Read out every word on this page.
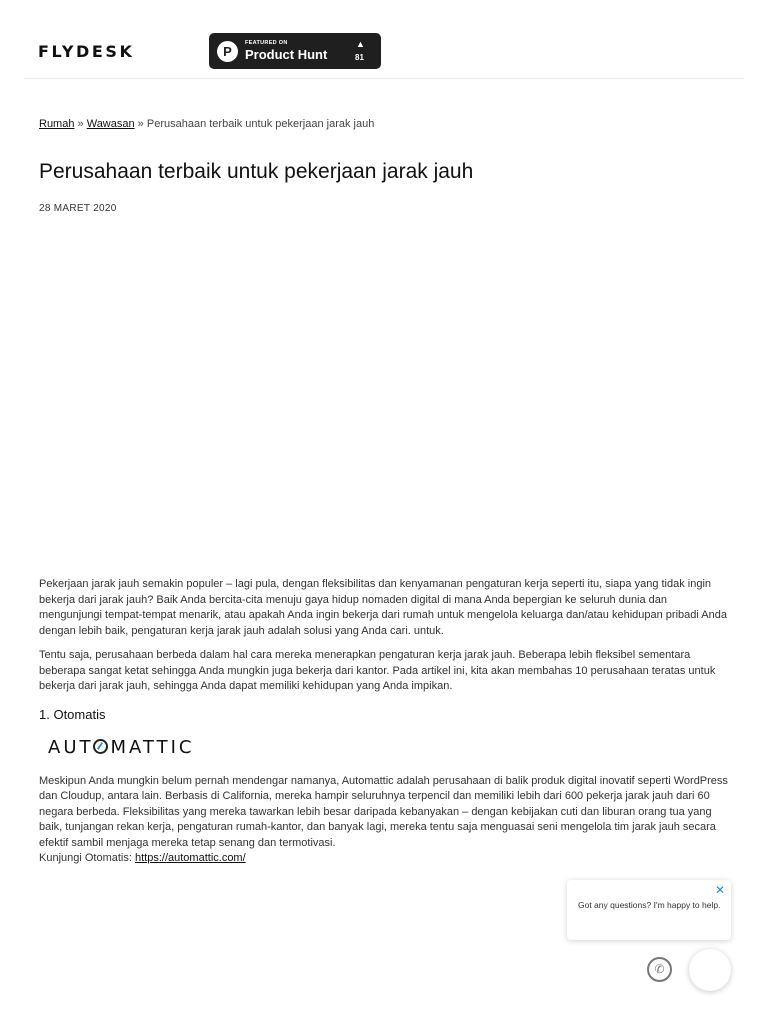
FLYDESK	P
FEATURED ON
Product Hunt
▲
81
Rumah » Wawasan » Perusahaan terbaik untuk pekerjaan jarak jauh
Perusahaan terbaik untuk pekerjaan jarak jauh
28 MARET 2020

Pekerjaan jarak jauh semakin populer – lagi pula, dengan fleksibilitas dan kenyamanan pengaturan kerja seperti itu, siapa yang tidak ingin bekerja dari jarak jauh? Baik Anda bercita-cita menuju gaya hidup nomaden digital di mana Anda bepergian ke seluruh dunia dan mengunjungi tempat-tempat menarik, atau apakah Anda ingin bekerja dari rumah untuk mengelola keluarga dan/atau kehidupan pribadi Anda dengan lebih baik, pengaturan kerja jarak jauh adalah solusi yang Anda cari. untuk.

Tentu saja, perusahaan berbeda dalam hal cara mereka menerapkan pengaturan kerja jarak jauh. Beberapa lebih fleksibel sementara beberapa sangat ketat sehingga Anda mungkin juga bekerja dari kantor. Pada artikel ini, kita akan membahas 10 perusahaan teratas untuk bekerja dari jarak jauh, sehingga Anda dapat memiliki kehidupan yang Anda impikan.

1. Otomatis
AUT MATTIC

Meskipun Anda mungkin belum pernah mendengar namanya, Automattic adalah perusahaan di balik produk digital inovatif seperti WordPress dan Cloudup, antara lain. Berbasis di California, mereka hampir seluruhnya terpencil dan memiliki lebih dari 600 pekerja jarak jauh dari 60 negara berbeda. Fleksibilitas yang mereka tawarkan lebih besar daripada kebanyakan – dengan kebijakan cuti dan liburan orang tua yang baik, tunjangan rekan kerja, pengaturan rumah-kantor, dan banyak lagi, mereka tentu saja menguasai seni mengelola tim jarak jauh secara efektif sambil menjaga mereka tetap senang dan termotivasi.

Kunjungi Otomatis: https://automattic.com/

✕
Got any questions? I'm happy to help.
✆
